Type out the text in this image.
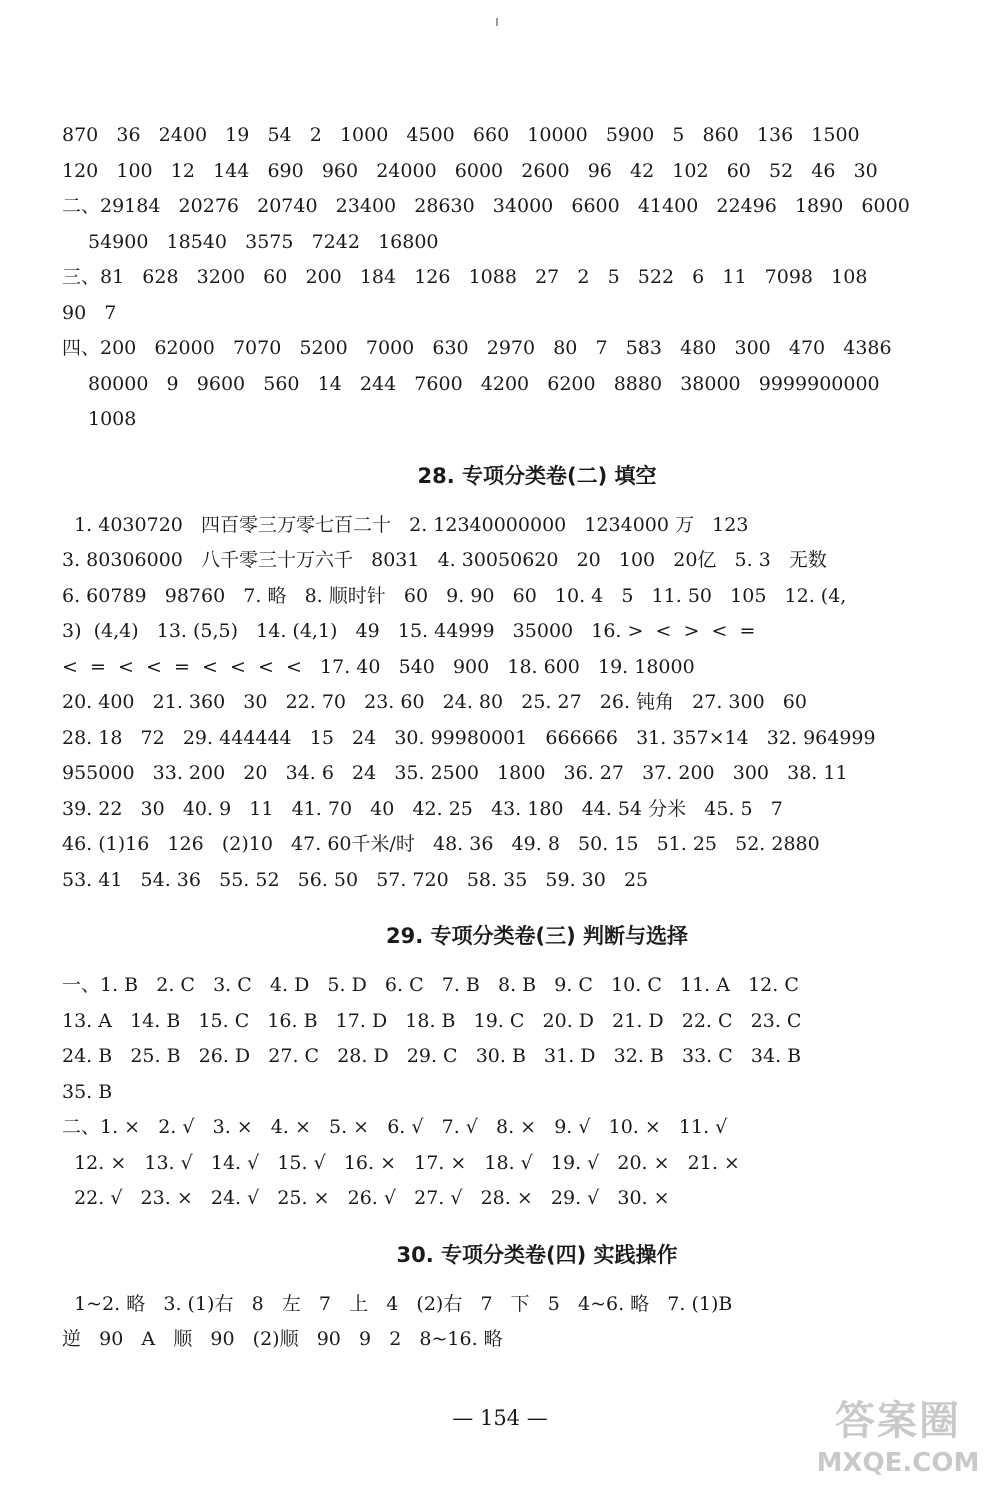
870   36   2400   19   54   2   1000   4500   660   10000   5900   5   860   136   1500
120   100   12   144   690   960   24000   6000   2600   96   42   102   60   52   46   30
二、29184   20276   20740   23400   28630   34000   6600   41400   22496   1890   6000
54900   18540   3575   7242   16800
三、81   628   3200   60   200   184   126   1088   27   2   5   522   6   11   7098   108
90   7
四、200   62000   7070   5200   7000   630   2970   80   7   583   480   300   470   4386
80000   9   9600   560   14   244   7600   4200   6200   8880   38000   9999900000
1008
28. 专项分类卷(二) 填空
1. 4030720   四百零三万零七百二十   2. 12340000000   1234000 万   123
3. 80306000   八千零三十万六千   8031   4. 30050620   20   100   20亿   5. 3   无数
6. 60789   98760   7. 略   8. 顺时针   60   9. 90   60   10. 4   5   11. 50   105   12. (4,
3)  (4,4)   13. (5,5)   14. (4,1)   49   15. 44999   35000   16. >  <  >  <  =
<  =  <  <  =  <  <  <  <   17. 40   540   900   18. 600   19. 18000
20. 400   21. 360   30   22. 70   23. 60   24. 80   25. 27   26. 钝角   27. 300   60
28. 18   72   29. 444444   15   24   30. 99980001   666666   31. 357×14   32. 964999
955000   33. 200   20   34. 6   24   35. 2500   1800   36. 27   37. 200   300   38. 11
39. 22   30   40. 9   11   41. 70   40   42. 25   43. 180   44. 54 分米   45. 5   7
46. (1)16   126   (2)10   47. 60千米/时   48. 36   49. 8   50. 15   51. 25   52. 2880
53. 41   54. 36   55. 52   56. 50   57. 720   58. 35   59. 30   25
29. 专项分类卷(三) 判断与选择
一、1. B   2. C   3. C   4. D   5. D   6. C   7. B   8. B   9. C   10. C   11. A   12. C
13. A   14. B   15. C   16. B   17. D   18. B   19. C   20. D   21. D   22. C   23. C
24. B   25. B   26. D   27. C   28. D   29. C   30. B   31. D   32. B   33. C   34. B
35. B
二、1. ×   2. √   3. ×   4. ×   5. ×   6. √   7. √   8. ×   9. √   10. ×   11. √
12. ×   13. √   14. √   15. √   16. ×   17. ×   18. √   19. √   20. ×   21. ×
22. √   23. ×   24. √   25. ×   26. √   27. √   28. ×   29. √   30. ×
30. 专项分类卷(四) 实践操作
1~2. 略   3. (1)右   8   左   7   上   4   (2)右   7   下   5   4~6. 略   7. (1)B
逆   90   A   顺   90   (2)顺   90   9   2   8~16. 略
— 154 —	答案圈
MXQE.COM
